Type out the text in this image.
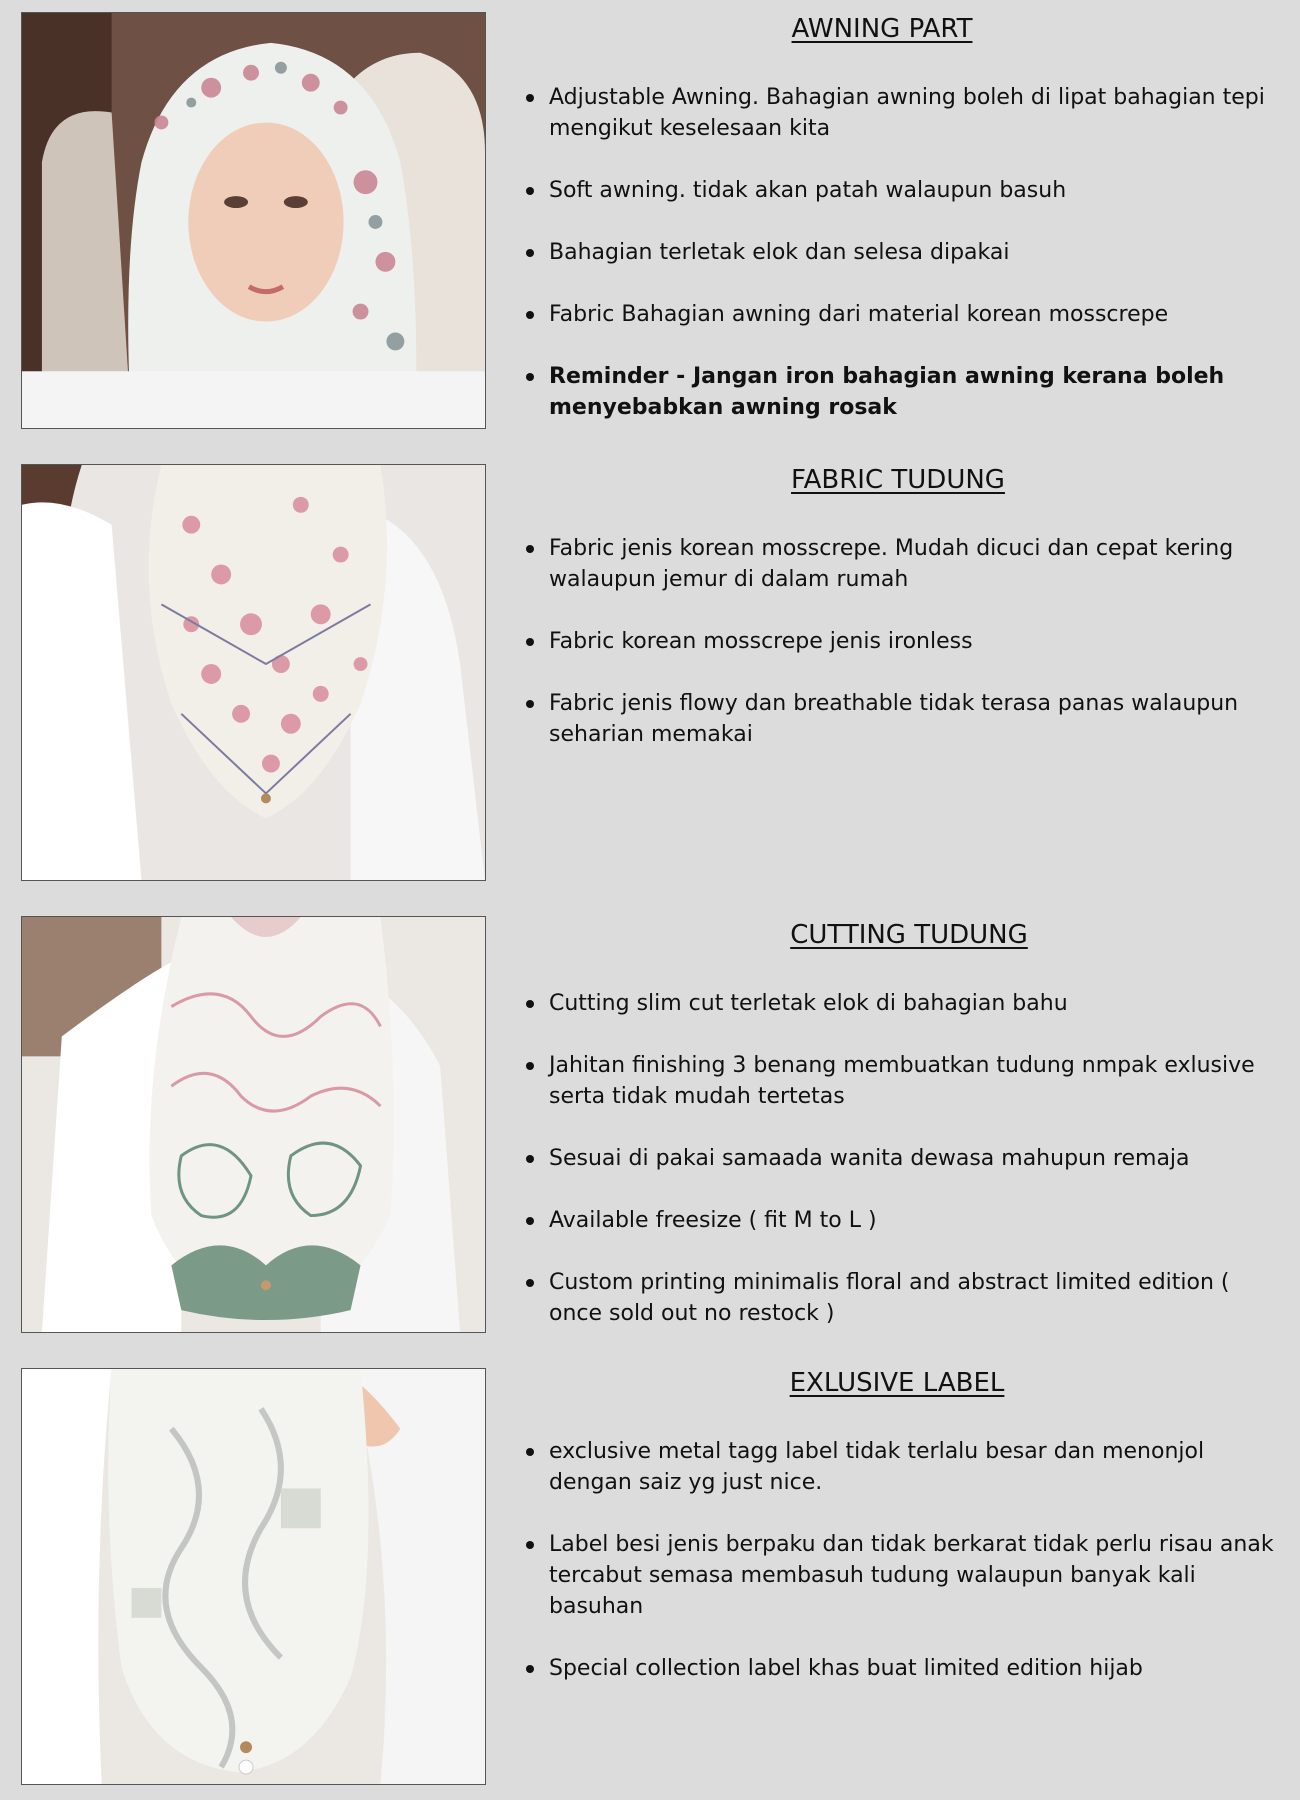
AWNING PART
Adjustable Awning. Bahagian awning boleh di lipat bahagian tepi mengikut keselesaan kita
Soft awning. tidak akan patah walaupun basuh
Bahagian terletak elok dan selesa dipakai
Fabric Bahagian awning dari material korean mosscrepe
Reminder - Jangan iron bahagian awning kerana boleh menyebabkan awning rosak
FABRIC TUDUNG
Fabric jenis korean mosscrepe. Mudah dicuci dan cepat kering walaupun jemur di dalam rumah
Fabric korean mosscrepe jenis ironless
Fabric jenis flowy dan breathable tidak terasa panas walaupun seharian memakai
CUTTING TUDUNG
Cutting slim cut terletak elok di bahagian bahu
Jahitan finishing 3 benang membuatkan tudung nmpak exlusive serta tidak mudah tertetas
Sesuai di pakai samaada wanita dewasa mahupun remaja
Available freesize ( fit M to L )
Custom printing minimalis floral and abstract limited edition ( once sold out no restock )
EXLUSIVE LABEL
exclusive metal tagg label tidak terlalu besar dan menonjol dengan saiz yg just nice.
Label besi jenis berpaku dan tidak berkarat tidak perlu risau anak tercabut semasa membasuh tudung walaupun banyak kali basuhan
Special collection label khas buat limited edition hijab
